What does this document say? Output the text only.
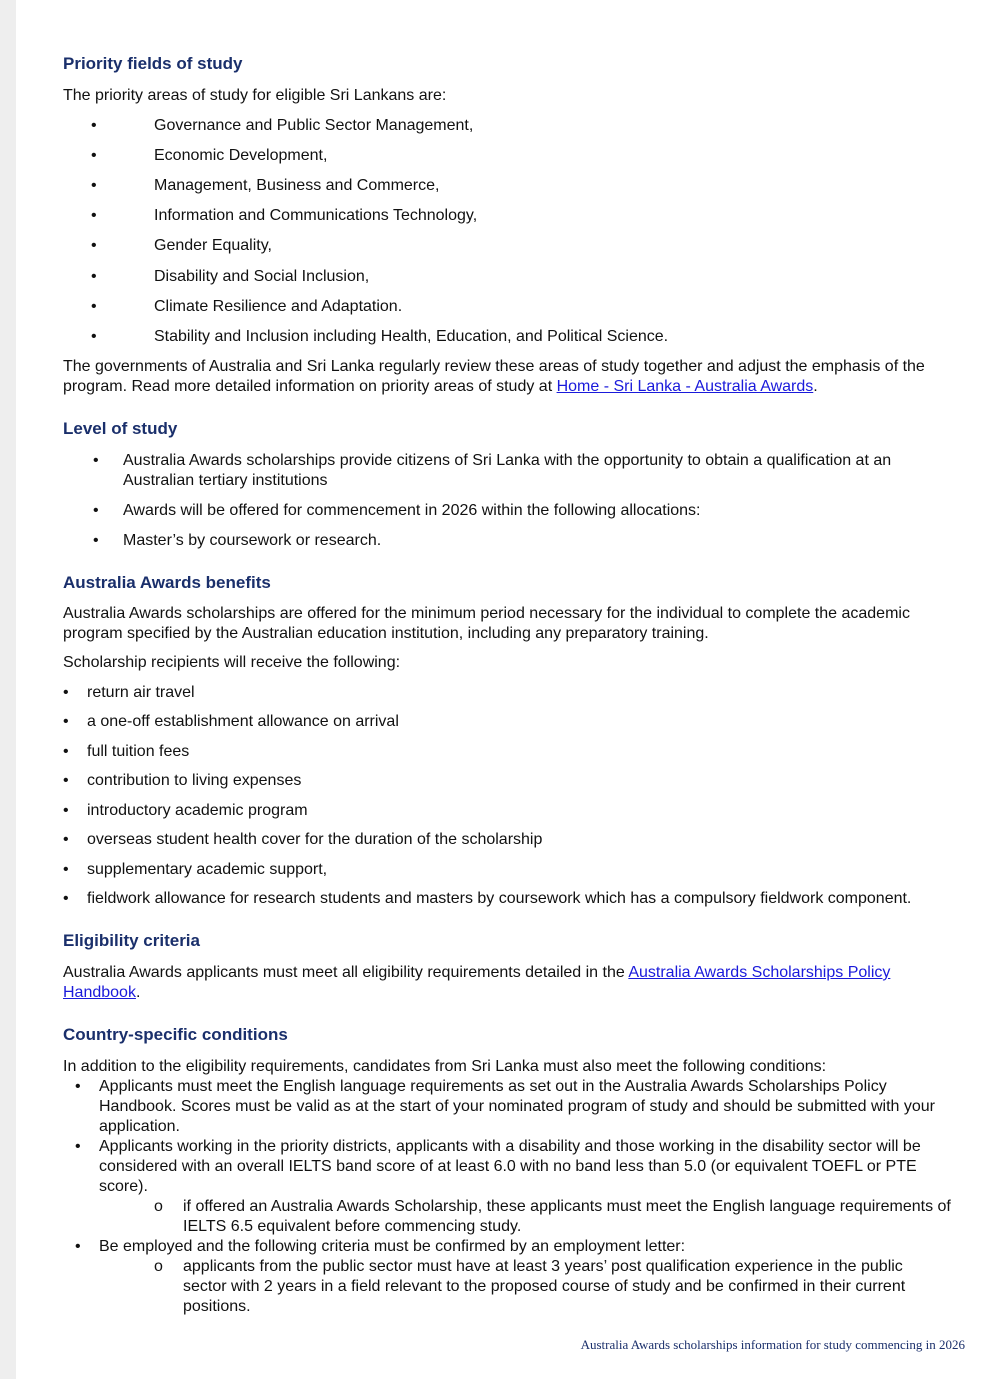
Priority fields of study

The priority areas of study for eligible Sri Lankans are:

•	Governance and Public Sector Management,
•	Economic Development,
•	Management, Business and Commerce,
•	Information and Communications Technology,
•	Gender Equality,
•	Disability and Social Inclusion,
•	Climate Resilience and Adaptation.
•	Stability and Inclusion including Health, Education, and Political Science.

The governments of Australia and Sri Lanka regularly review these areas of study together and adjust the emphasis of the program. Read more detailed information on priority areas of study at Home - Sri Lanka - Australia Awards.

Level of study
• Australia Awards scholarships provide citizens of Sri Lanka with the opportunity to obtain a qualification at an Australian tertiary institutions
• Awards will be offered for commencement in 2026 within the following allocations:
• Master’s by coursework or research.
Australia Awards benefits

Australia Awards scholarships are offered for the minimum period necessary for the individual to complete the academic program specified by the Australian education institution, including any preparatory training.

Scholarship recipients will receive the following:

• return air travel
• a one-off establishment allowance on arrival
• full tuition fees
• contribution to living expenses
• introductory academic program
• overseas student health cover for the duration of the scholarship
• supplementary academic support,
• fieldwork allowance for research students and masters by coursework which has a compulsory fieldwork component.
Eligibility criteria

Australia Awards applicants must meet all eligibility requirements detailed in the Australia Awards Scholarships Policy Handbook.

Country-specific conditions

In addition to the eligibility requirements, candidates from Sri Lanka must also meet the following conditions:

• Applicants must meet the English language requirements as set out in the Australia Awards Scholarships Policy Handbook. Scores must be valid as at the start of your nominated program of study and should be submitted with your application.
• Applicants working in the priority districts, applicants with a disability and those working in the disability sector will be considered with an overall IELTS band score of at least 6.0 with no band less than 5.0 (or equivalent TOEFL or PTE score).
o if offered an Australia Awards Scholarship, these applicants must meet the English language requirements of IELTS 6.5 equivalent before commencing study.
• Be employed and the following criteria must be confirmed by an employment letter:
o applicants from the public sector must have at least 3 years’ post qualification experience in the public sector with 2 years in a field relevant to the proposed course of study and be confirmed in their current positions.
Australia Awards scholarships information for study commencing in 2026
